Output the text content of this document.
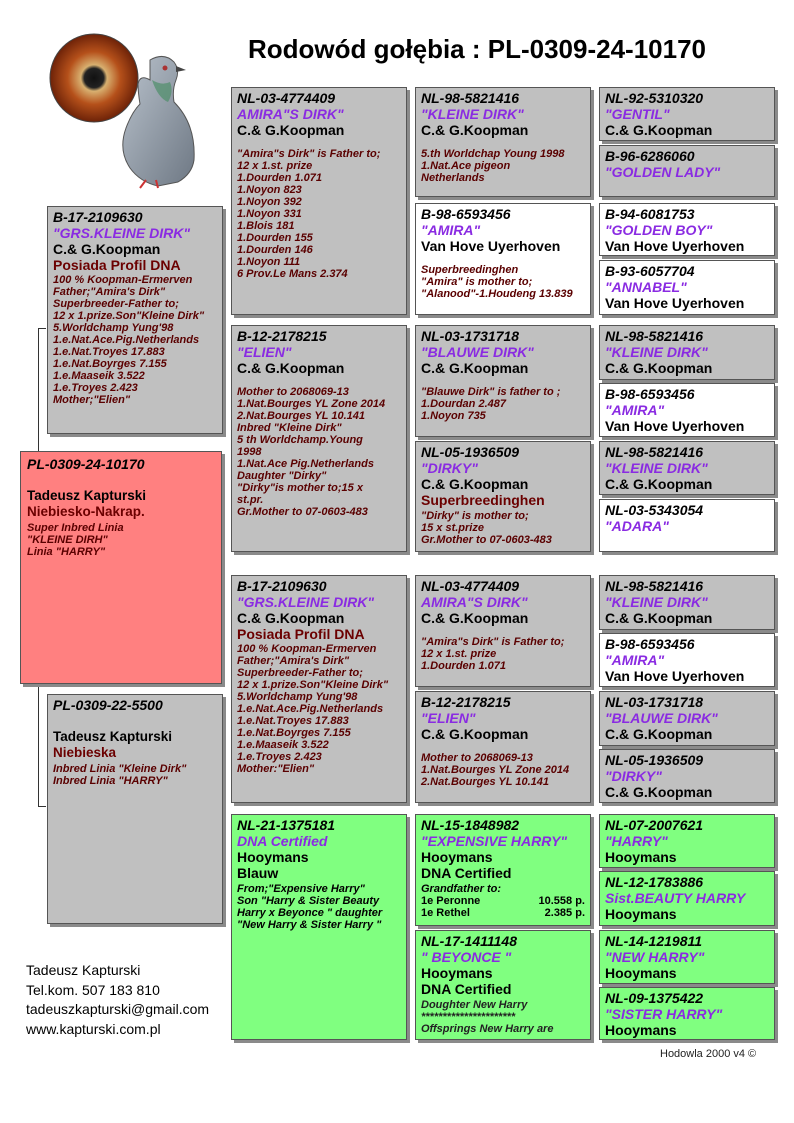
Rodowód gołębia : PL-0309-24-10170
PL-0309-24-10170
Tadeusz Kapturski
Niebiesko-Nakrap.
Super Inbred Linia
"KLEINE DIRH"
Linia "HARRY"
B-17-2109630
"GRS.KLEINE DIRK"
C.& G.Koopman
Posiada Profil DNA
100 % Koopman-Ermerven
Father;"Amira's Dirk"
Superbreeder-Father to;
12 x 1.prize.Son"Kleine Dirk"
5.Worldchamp Yung'98
1.e.Nat.Ace.Pig.Netherlands
1.e.Nat.Troyes 17.883
1.e.Nat.Boyrges 7.155
1.e.Maaseik 3.522
1.e.Troyes 2.423
Mother;"Elien"
PL-0309-22-5500
Tadeusz Kapturski
Niebieska
Inbred Linia "Kleine Dirk"
Inbred Linia "HARRY"
NL-03-4774409
AMIRA"S DIRK"
C.& G.Koopman
"Amira"s Dirk" is Father to;
12 x 1.st. prize
1.Dourden 1.071
1.Noyon 823
1.Noyon 392
1.Noyon 331
1.Blois 181
1.Dourden 155
1.Dourden 146
1.Noyon 111
6 Prov.Le Mans 2.374
B-12-2178215
"ELIEN"
C.& G.Koopman
Mother to 2068069-13
1.Nat.Bourges YL Zone 2014
2.Nat.Bourges YL 10.141
Inbred "Kleine Dirk"
5 th Worldchamp.Young
1998
1.Nat.Ace Pig.Netherlands
Daughter "Dirky"
"Dirky"is mother to;15 x
st.pr.
Gr.Mother to 07-0603-483
B-17-2109630
"GRS.KLEINE DIRK"
C.& G.Koopman
Posiada Profil DNA
100 % Koopman-Ermerven
Father;"Amira's Dirk"
Superbreeder-Father to;
12 x 1.prize.Son"Kleine Dirk"
5.Worldchamp Yung'98
1.e.Nat.Ace.Pig.Netherlands
1.e.Nat.Troyes 17.883
1.e.Nat.Boyrges 7.155
1.e.Maaseik 3.522
1.e.Troyes 2.423
Mother:"Elien"
NL-21-1375181
DNA Certified
Hooymans
Blauw
From;"Expensive Harry"
Son "Harry & Sister Beauty
Harry x Beyonce " daughter
"New Harry & Sister Harry "
NL-98-5821416
"KLEINE DIRK"
C.& G.Koopman
5.th Worldchap Young 1998
1.Nat.Ace pigeon
Netherlands
B-98-6593456
"AMIRA"
Van Hove Uyerhoven
Superbreedinghen
"Amira" is mother to;
"Alanood"-1.Houdeng 13.839
NL-03-1731718
"BLAUWE DIRK"
C.& G.Koopman
"Blauwe Dirk" is father to ;
1.Dourdan 2.487
1.Noyon 735
NL-05-1936509
"DIRKY"
C.& G.Koopman
Superbreedinghen
"Dirky" is mother to;
15 x st.prize
Gr.Mother to 07-0603-483
NL-03-4774409
AMIRA"S DIRK"
C.& G.Koopman
"Amira"s Dirk" is Father to;
12 x 1.st. prize
1.Dourden 1.071
B-12-2178215
"ELIEN"
C.& G.Koopman
Mother to 2068069-13
1.Nat.Bourges YL Zone 2014
2.Nat.Bourges YL 10.141
NL-15-1848982
"EXPENSIVE HARRY"
Hooymans
DNA Certified
Grandfather to:
1e Peronne	10.558 p.
1e Rethel	2.385 p.
NL-17-1411148
" BEYONCE "
Hooymans
DNA Certified
Doughter New Harry
**********************
Offsprings New Harry are
NL-92-5310320
"GENTIL"
C.& G.Koopman
B-96-6286060
"GOLDEN LADY"
B-94-6081753
"GOLDEN BOY"
Van Hove Uyerhoven
B-93-6057704
"ANNABEL"
Van Hove Uyerhoven
NL-98-5821416
"KLEINE DIRK"
C.& G.Koopman
B-98-6593456
"AMIRA"
Van Hove Uyerhoven
NL-98-5821416
"KLEINE DIRK"
C.& G.Koopman
NL-03-5343054
"ADARA"
NL-98-5821416
"KLEINE DIRK"
C.& G.Koopman
B-98-6593456
"AMIRA"
Van Hove Uyerhoven
NL-03-1731718
"BLAUWE DIRK"
C.& G.Koopman
NL-05-1936509
"DIRKY"
C.& G.Koopman
NL-07-2007621
"HARRY"
Hooymans
NL-12-1783886
Sist.BEAUTY HARRY
Hooymans
NL-14-1219811
"NEW HARRY"
Hooymans
NL-09-1375422
"SISTER HARRY"
Hooymans
Tadeusz Kapturski
Tel.kom. 507 183 810
tadeuszkapturski@gmail.com
www.kapturski.com.pl
Hodowla 2000 v4 ©
